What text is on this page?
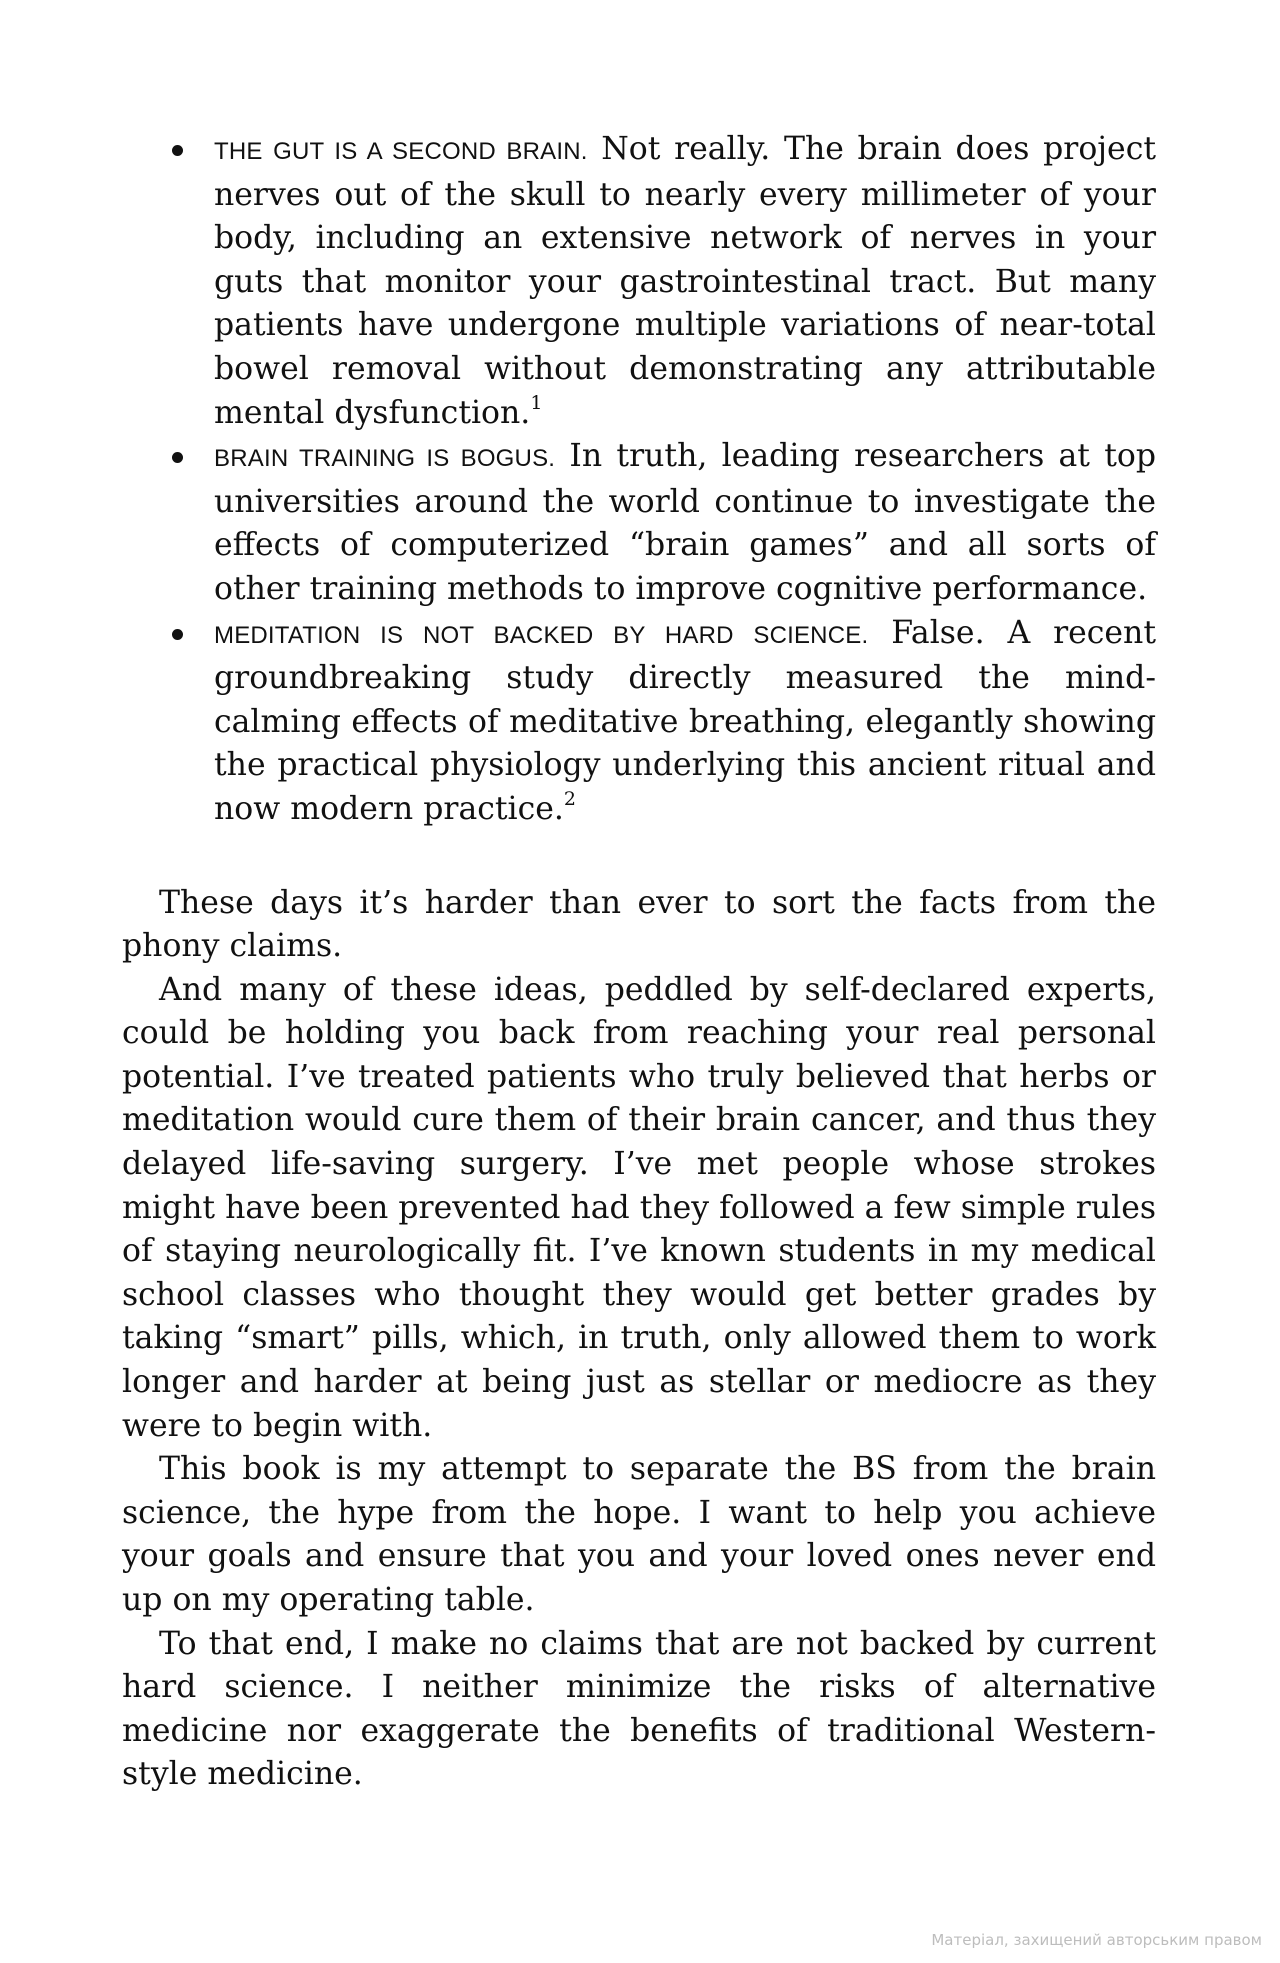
THE GUT IS A SECOND BRAIN. Not really. The brain does project nerves out of the skull to nearly every millimeter of your body, including an extensive network of nerves in your guts that monitor your gastrointestinal tract. But many patients have undergone multiple variations of near-total bowel removal without demonstrating any attributable mental dysfunction.$^1$
BRAIN TRAINING IS BOGUS. In truth, leading researchers at top universities around the world continue to investigate the effects of computerized “brain games” and all sorts of other training methods to improve cognitive performance.
MEDITATION IS NOT BACKED BY HARD SCIENCE. False. A recent groundbreaking study directly measured the mind-calming effects of meditative breathing, elegantly showing the practical physiology underlying this ancient ritual and now modern practice.$^2$

These days it’s harder than ever to sort the facts from the phony claims.

And many of these ideas, peddled by self-declared experts, could be holding you back from reaching your real personal potential. I’ve treated patients who truly believed that herbs or meditation would cure them of their brain cancer, and thus they delayed life-saving surgery. I’ve met people whose strokes might have been prevented had they followed a few simple rules of staying neurologically fit. I’ve known students in my medical school classes who thought they would get better grades by taking “smart” pills, which, in truth, only allowed them to work longer and harder at being just as stellar or mediocre as they were to begin with.

This book is my attempt to separate the BS from the brain science, the hype from the hope. I want to help you achieve your goals and ensure that you and your loved ones never end up on my operating table.

To that end, I make no claims that are not backed by current hard science. I neither minimize the risks of alternative medicine nor exaggerate the benefits of traditional Western-style medicine.

Матеріал, захищений авторським правом
